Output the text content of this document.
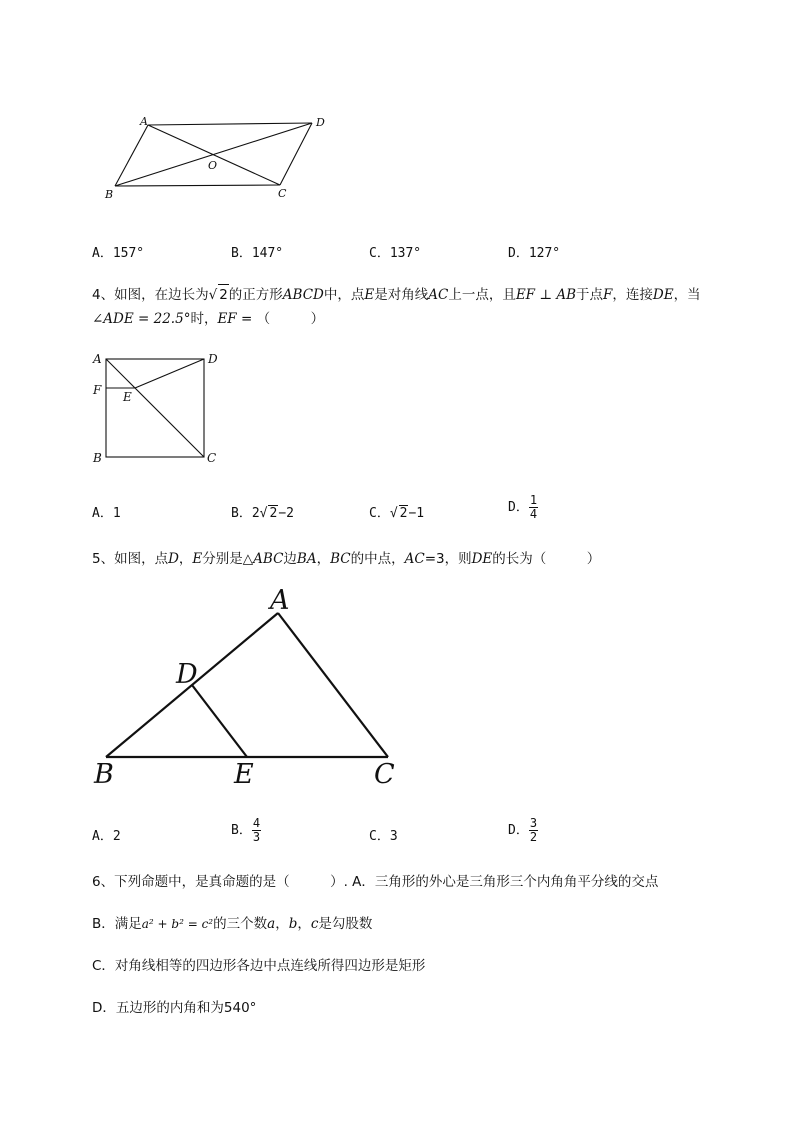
A	D
O
B	C
A．157°	B．147°	C．137°	D．127°
4、如图，在边长为√ 2的正方形ABCD中，点E是对角线AC上一点，且EF ⊥ AB于点F，连接DE，当
∠ADE = 22.5°时，EF = （　　　）
A	D
F E
B	C
A．1	B．2√ 2−2	C．√ 2−1	D． $\frac{1}{4}$
5、如图，点D，E分别是△ABC边BA，BC的中点，AC=3，则DE的长为（　　　）
A
D
B	E	C
A．2	B． $\frac{4}{3}$	C．3	D． $\frac{3}{2}$
6、下列命题中，是真命题的是（　　　）. A．三角形的外心是三角形三个内角角平分线的交点
B．满足a² + b² = c²的三个数a，b，c是勾股数
C．对角线相等的四边形各边中点连线所得四边形是矩形
D．五边形的内角和为540°
